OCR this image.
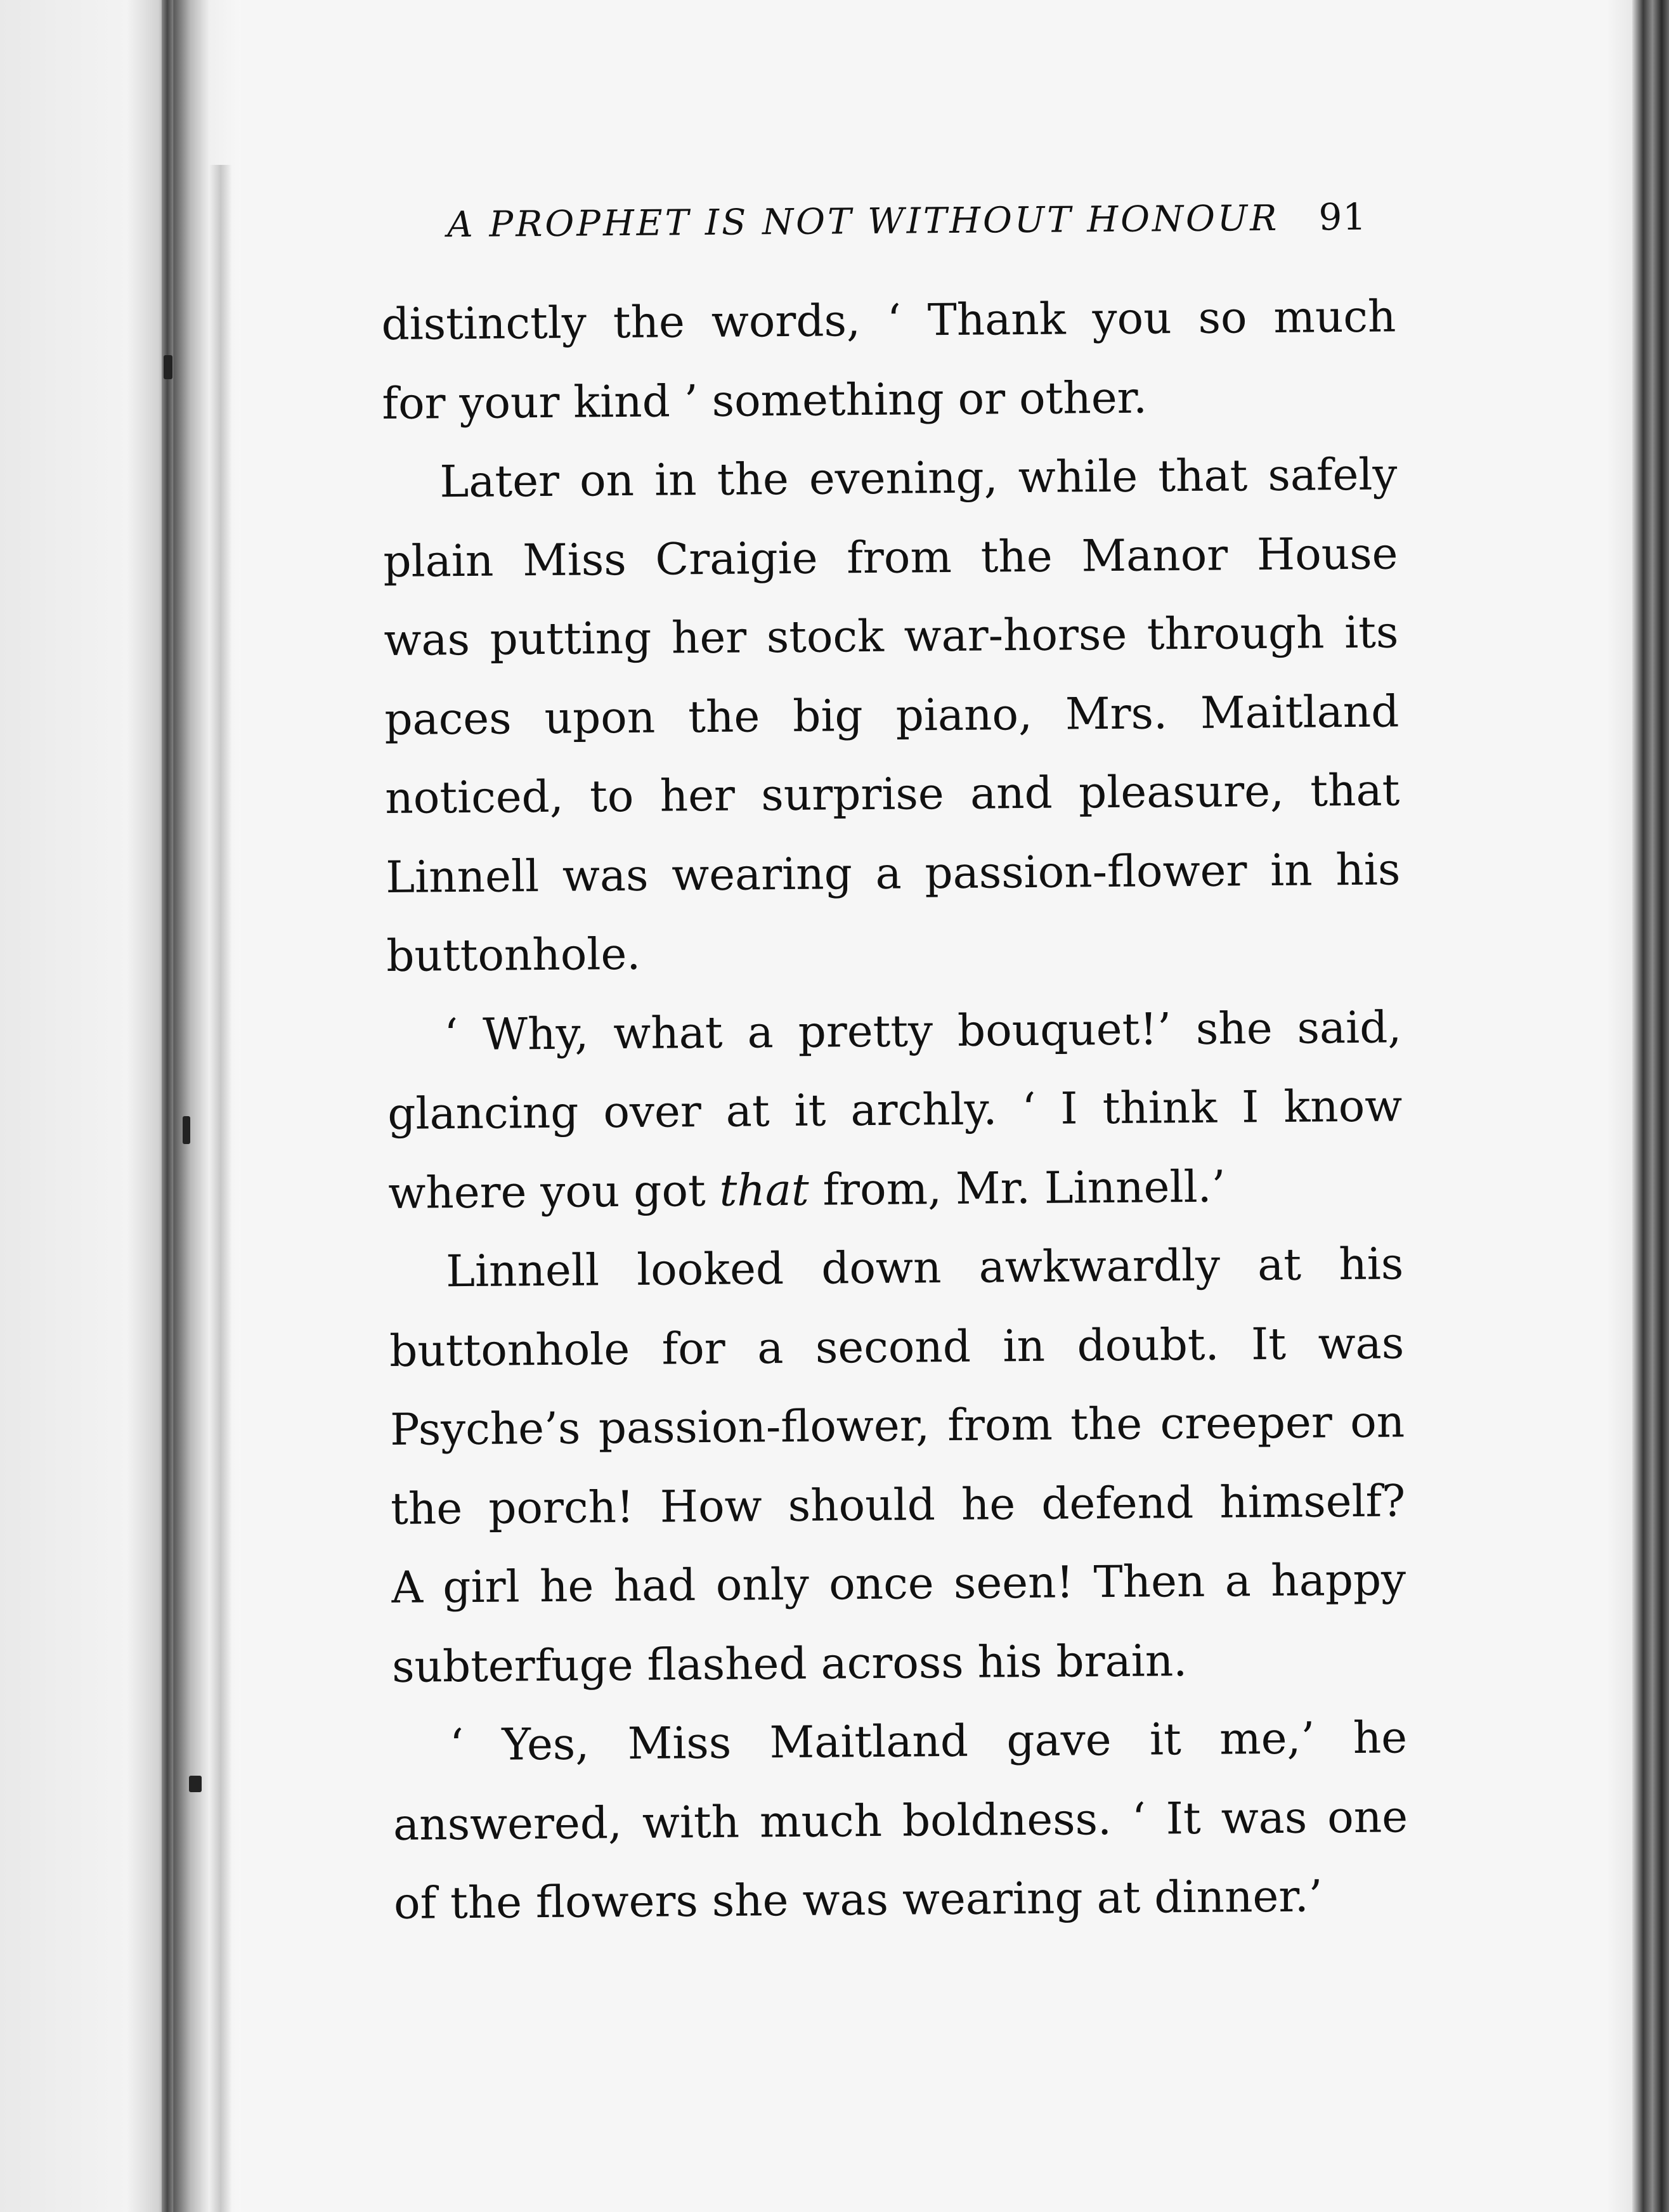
A PROPHET IS NOT WITHOUT HONOUR 91

distinctly the words, ‘ Thank you so much
for your kind ’ something or other.

Later on in the evening, while that safely
plain Miss Craigie from the Manor House
was putting her stock war-horse through its
paces upon the big piano, Mrs. Maitland
noticed, to her surprise and pleasure, that
Linnell was wearing a passion-flower in his
buttonhole.

‘ Why, what a pretty bouquet!’ she said,
glancing over at it archly. ‘ I think I know
where you got that from, Mr. Linnell.’

Linnell looked down awkwardly at his
buttonhole for a second in doubt. It was
Psyche’s passion-flower, from the creeper on
the porch! How should he defend himself?
A girl he had only once seen! Then a happy
subterfuge flashed across his brain.

‘ Yes, Miss Maitland gave it me,’ he
answered, with much boldness. ‘ It was one
of the flowers she was wearing at dinner.’
